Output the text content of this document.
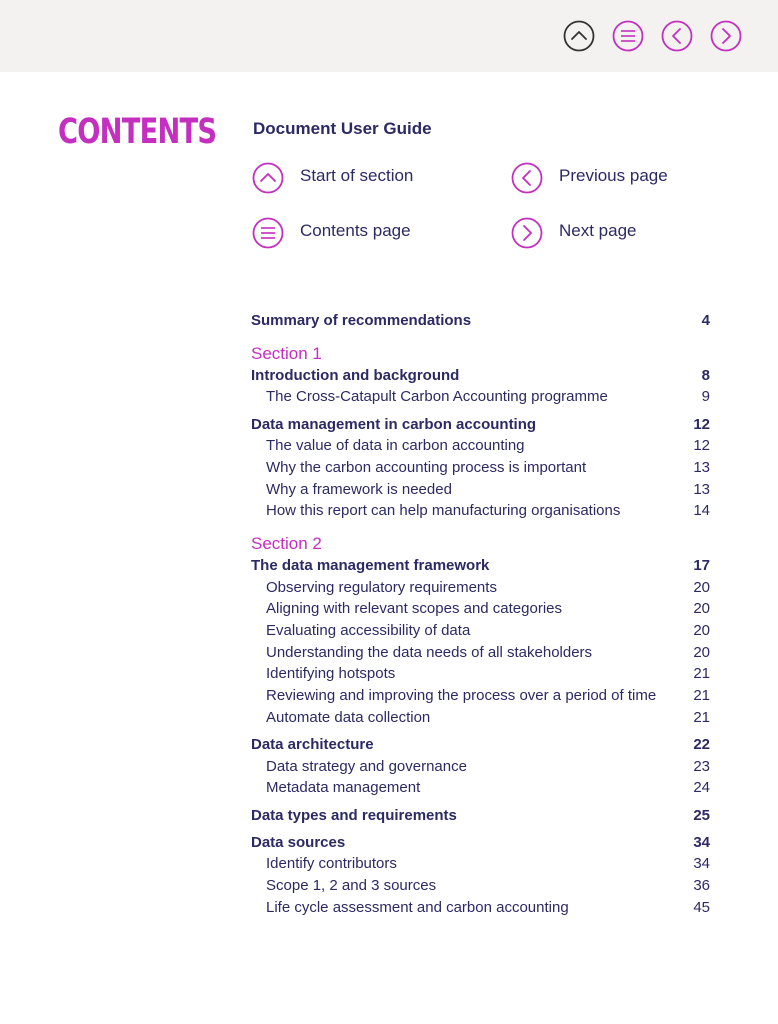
CONTENTS Document User Guide
Start of section	Previous page
Contents page	Next page
Summary of recommendations	4
Section 1
Introduction and background	8
The Cross-Catapult Carbon Accounting programme	9
Data management in carbon accounting	12
The value of data in carbon accounting	12
Why the carbon accounting process is important	13
Why a framework is needed	13
How this report can help manufacturing organisations	14
Section 2
The data management framework	17
Observing regulatory requirements	20
Aligning with relevant scopes and categories	20
Evaluating accessibility of data	20
Understanding the data needs of all stakeholders	20
Identifying hotspots	21
Reviewing and improving the process over a period of time 21
Automate data collection	21
Data architecture	22
Data strategy and governance	23
Metadata management	24
Data types and requirements	25
Data sources	34
Identify contributors	34
Scope 1, 2 and 3 sources	36
Life cycle assessment and carbon accounting	45
